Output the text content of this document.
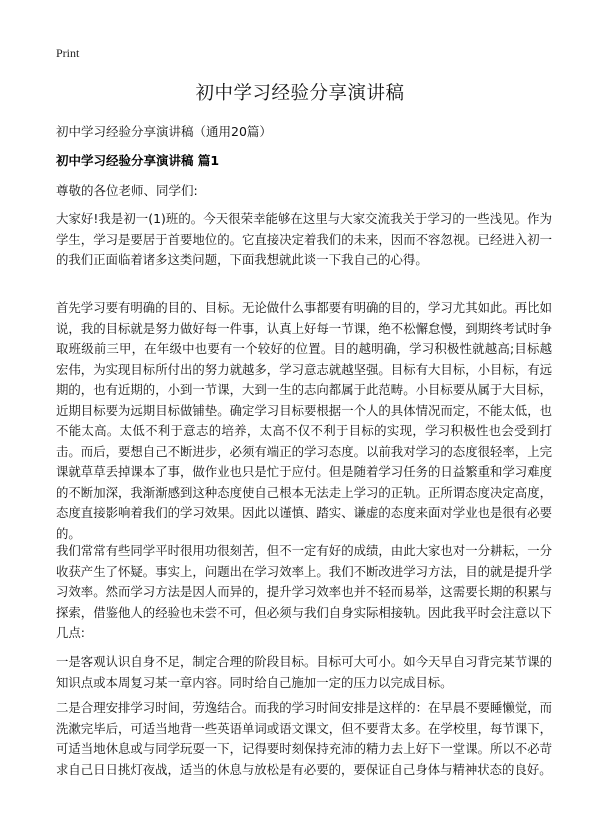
Print
初中学习经验分享演讲稿
初中学习经验分享演讲稿（通用20篇）
初中学习经验分享演讲稿 篇1
尊敬的各位老师、同学们:

大家好!我是初一(1)班的。今天很荣幸能够在这里与大家交流我关于学习的一些浅见。作为学生，学习是要居于首要地位的。它直接决定着我们的未来，因而不容忽视。已经进入初一的我们正面临着诸多这类问题，下面我想就此谈一下我自己的心得。

首先学习要有明确的目的、目标。无论做什么事都要有明确的目的，学习尤其如此。再比如说，我的目标就是努力做好每一件事，认真上好每一节课，绝不松懈怠慢，到期终考试时争取班级前三甲，在年级中也要有一个较好的位置。目的越明确，学习积极性就越高;目标越宏伟，为实现目标所付出的努力就越多，学习意志就越坚强。目标有大目标，小目标，有远期的，也有近期的，小到一节课，大到一生的志向都属于此范畴。小目标要从属于大目标，近期目标要为远期目标做铺垫。确定学习目标要根据一个人的具体情况而定，不能太低，也不能太高。太低不利于意志的培养，太高不仅不利于目标的实现，学习积极性也会受到打击。而后，要想自己不断进步，必须有端正的学习态度。以前我对学习的态度很轻率，上完课就草草丢掉课本了事，做作业也只是忙于应付。但是随着学习任务的日益繁重和学习难度的不断加深，我渐渐感到这种态度使自己根本无法走上学习的正轨。正所谓态度决定高度，态度直接影响着我们的学习效果。因此以谨慎、踏实、谦虚的态度来面对学业也是很有必要的。

我们常常有些同学平时很用功很刻苦，但不一定有好的成绩，由此大家也对一分耕耘，一分收获产生了怀疑。事实上，问题出在学习效率上。我们不断改进学习方法，目的就是提升学习效率。然而学习方法是因人而异的，提升学习效率也并不轻而易举，这需要长期的积累与探索，借鉴他人的经验也未尝不可，但必须与我们自身实际相接轨。因此我平时会注意以下几点:

一是客观认识自身不足，制定合理的阶段目标。目标可大可小。如今天早自习背完某节课的知识点或本周复习某一章内容。同时给自己施加一定的压力以完成目标。

二是合理安排学习时间，劳逸结合。而我的学习时间安排是这样的：在早晨不要睡懒觉，而洗漱完毕后，可适当地背一些英语单词或语文课文，但不要背太多。在学校里，每节课下，可适当地休息或与同学玩耍一下，记得要时刻保持充沛的精力去上好下一堂课。所以不必苛求自己日日挑灯夜战，适当的休息与放松是有必要的，要保证自己身体与精神状态的良好。
